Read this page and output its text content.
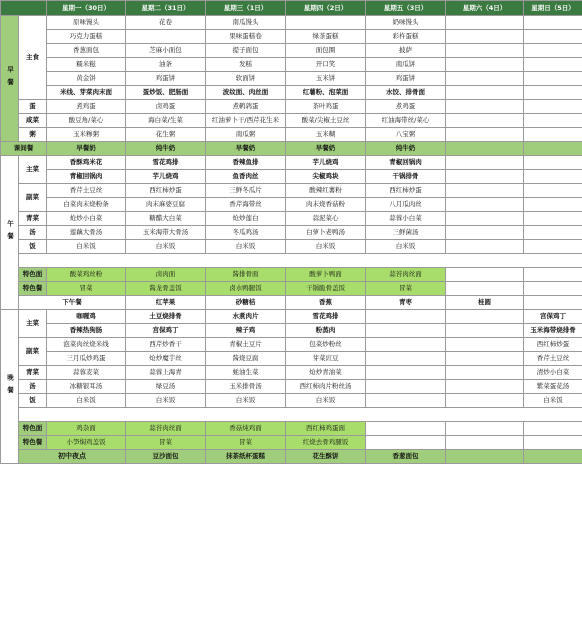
		星期一（30日）	星期二（31日）	星期三（1日）	星期四（2日）	星期五（3日）	星期六（4日）	星期日（5日）	
早餐	主食	原味馒头	花卷	南瓜馒头		奶味馒头			
		巧克力蛋糕		果味蛋糕卷	绿茶蛋糕	彩杵蛋糕			
		香葱面包	芝麻小面包	提子面包	面包圈	披萨			
		糯米糍	油条	发糕	开口笑	南瓜饼			
		黄金饼	鸡蛋饼	软面饼	玉米饼	鸡蛋饼			
		米线、芽菜肉末面	蛋炒饭、肥肠面	波纹面、肉丝面	红薯粉、泡菜面	水饺、排骨面			
	蛋	煮鸡蛋	卤鸡蛋	煮鹌鹑蛋	茶叶鸡蛋	煮鸡蛋			
	咸菜	酸豆角/菜心	海白菜/生菜	红油萝卜干/西芹花生米	酸菜/尖椒土豆丝	红油海带丝/菜心			
	粥	玉米糁粥	花生粥	南瓜粥	玉米糊	八宝粥			
课间餐		早餐奶	纯牛奶	早餐奶	早餐奶	纯牛奶			
午餐	主菜	香酥鸡米花	雪花鸡排	香辣鱼排	芋儿烧鸡	青椒回锅肉			
		青椒回锅肉	芋儿烧鸡	鱼香肉丝	尖椒鸡块	干锅排骨			
	副菜	香芹土豆丝	西红柿炒蛋	三鲜冬瓜片	酸辣红薯粉	西红柿炒蛋			
		白菜肉末烧粉条	肉末麻婆豆腐	香芹海带丝	肉末烧香菇粉	八月瓜肉丝			
	青菜	炝炒小白菜	糖醋大白菜	炝炒莲白	蒜泥菜心	蒜蓉小白菜			
	汤	莲藕大骨汤	玉米海带大骨汤	冬瓜鸡汤	白萝卜老鸭汤	三鲜菌汤			
	饭	白米饭	白米饭	白米饭	白米饭	白米饭			

	特色面	酸菜鸡丝粉	卤肉面	酱排骨面	酸萝卜鸭面	蒜苔肉丝面			
	特色餐	冒菜	酱龙骨盖饭	卤水鸭腿饭	干锅脆骨盖饭	冒菜			
	下午餐		红苹果	砂糖桔	香蕉	青枣	桂圆		
晚餐	主菜	咖喱鸡	土豆烧排骨	水煮肉片	雪花鸡排			宫保鸡丁	
		香辣热狗肠	宫保鸡丁	辣子鸡	粉蒸肉			玉米海带烧排骨	
	副菜	泡菜肉丝烧米线	西芹炒香干	青椒土豆片	包菜炒粉丝			西红柿炒蛋	
		三月瓜炒鸡蛋	炝炒魔芋丝	酱烧豆腐	芽菜豇豆			香芹土豆丝	
	青菜	蒜蓉麦菜	蒜蓉上海青	蚝油生菜	炝炒青油菜			清炒小白菜	
	汤	冰糖银耳汤	绿豆汤	玉米排骨汤	西红柿肉片粉丝汤			紫菜蛋花汤	
	饭	白米饭	白米饭	白米饭	白米饭			白米饭	

	特色面	鸡杂面	蒜苔肉丝面	香菇炖鸡面	西红柿鸡蛋面				
	特色餐	小笋焖鸡盖饭	冒菜	冒菜	红烧去骨鸡腿饭				
	初中夜点		豆沙面包	抹茶纸杯蛋糕	花生酥饼	香葱面包			
